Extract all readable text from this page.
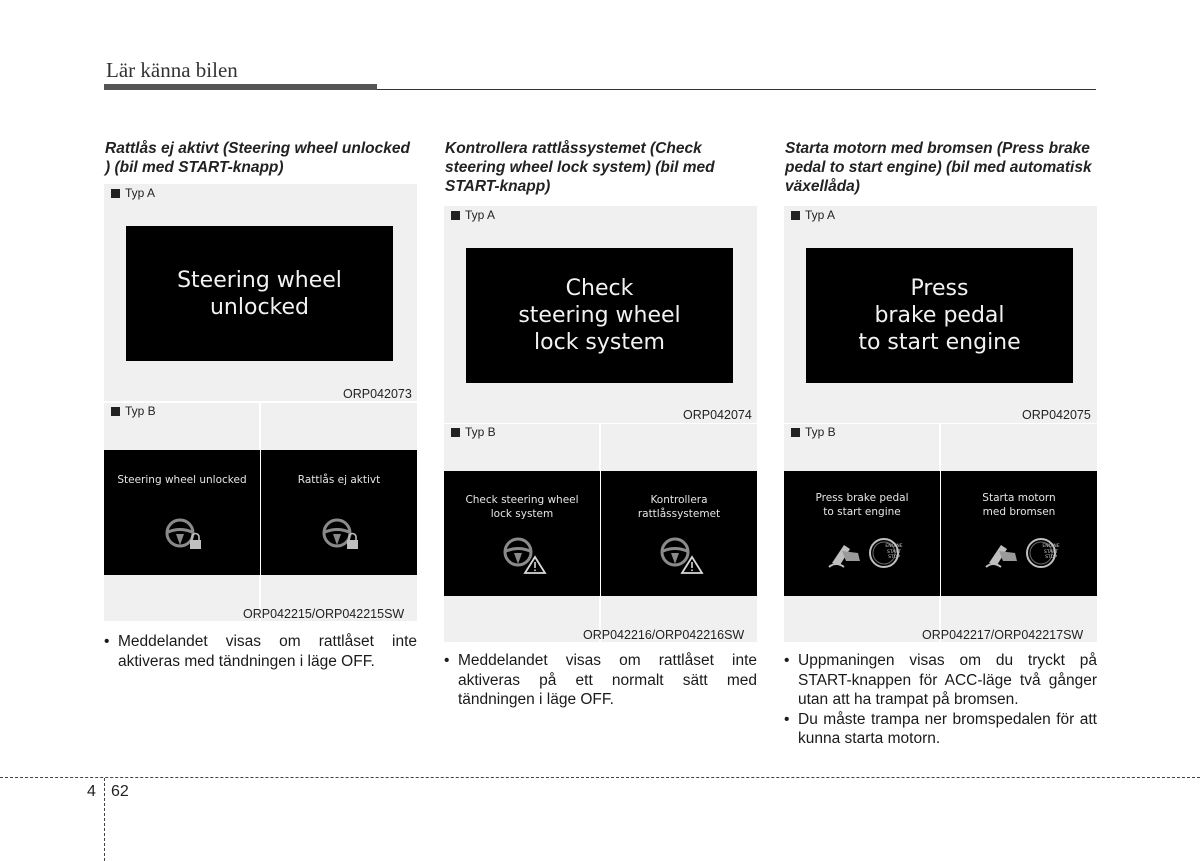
Lär känna bilen
Rattlås ej aktivt (Steering wheel unlocked ) (bil med START-knapp)
Typ A
Steering wheel
unlocked
ORP042073
Typ B
Steering wheel unlocked	Rattlås ej aktivt
ORP042215/ORP042215SW
• Meddelandet visas om rattlåset inte aktiveras med tändningen i läge OFF.
Kontrollera rattlåssystemet (Check steering wheel lock system) (bil med START-knapp)
Typ A
Check
steering wheel
lock system
ORP042074
Typ B
Check steering wheel
lock system
Kontrollera
rattlåssystemet
ORP042216/ORP042216SW
• Meddelandet visas om rattlåset inte aktiveras på ett normalt sätt med tändningen i läge OFF.
Starta motorn med bromsen (Press brake pedal to start engine) (bil med automatisk växellåda)
Typ A
Press
brake pedal
to start engine
ORP042075
Typ B
Press brake pedal
to start engine
ENGINE
START
STOP
Starta motorn
med bromsen
ENGINE
START
STOP
ORP042217/ORP042217SW
• Uppmaningen visas om du tryckt på START-knappen för ACC-läge två gånger utan att ha trampat på bromsen.
• Du måste trampa ner bromspedalen för att kunna starta motorn.
4 62
